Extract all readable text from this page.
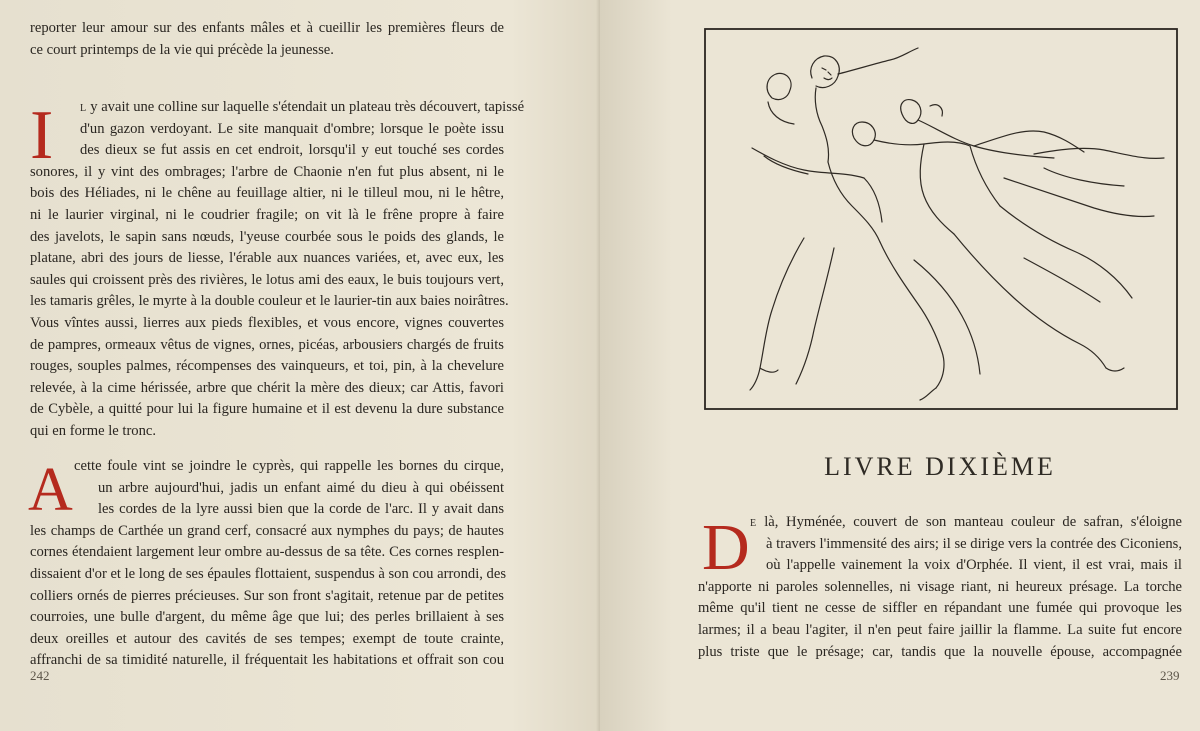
reporter leur amour sur des enfants mâles et à cueillir les premières fleurs de
ce court printemps de la vie qui précède la jeunesse.
I	l y avait une colline sur laquelle s'étendait un plateau très découvert, tapissé
d'un gazon verdoyant. Le site manquait d'ombre; lorsque le poète issu
des dieux se fut assis en cet endroit, lorsqu'il y eut touché ses cordes
sonores, il y vint des ombrages; l'arbre de Chaonie n'en fut plus absent, ni le
bois des Héliades, ni le chêne au feuillage altier, ni le tilleul mou, ni le hêtre,
ni le laurier virginal, ni le coudrier fragile; on vit là le frêne propre à faire
des javelots, le sapin sans nœuds, l'yeuse courbée sous le poids des glands, le
platane, abri des jours de liesse, l'érable aux nuances variées, et, avec eux, les
saules qui croissent près des rivières, le lotus ami des eaux, le buis toujours vert,
les tamaris grêles, le myrte à la double couleur et le laurier-tin aux baies noirâtres.
Vous vîntes aussi, lierres aux pieds flexibles, et vous encore, vignes couvertes
de pampres, ormeaux vêtus de vignes, ornes, picéas, arbousiers chargés de fruits
rouges, souples palmes, récompenses des vainqueurs, et toi, pin, à la chevelure
relevée, à la cime hérissée, arbre que chérit la mère des dieux; car Attis, favori
de Cybèle, a quitté pour lui la figure humaine et il est devenu la dure substance
qui en forme le tronc.
A cette foule vint se joindre le cyprès, qui rappelle les bornes du cirque,
un arbre aujourd'hui, jadis un enfant aimé du dieu à qui obéissent
les cordes de la lyre aussi bien que la corde de l'arc. Il y avait dans
les champs de Carthée un grand cerf, consacré aux nymphes du pays; de hautes
cornes étendaient largement leur ombre au-dessus de sa tête. Ces cornes resplen-
dissaient d'or et le long de ses épaules flottaient, suspendus à son cou arrondi, des
colliers ornés de pierres précieuses. Sur son front s'agitait, retenue par de petites
courroies, une bulle d'argent, du même âge que lui; des perles brillaient à ses
deux oreilles et autour des cavités de ses tempes; exempt de toute crainte,
affranchi de sa timidité naturelle, il fréquentait les habitations et offrait son cou
242
LIVRE DIXIÈME
D e là, Hyménée, couvert de son manteau couleur de safran, s'éloigne
à travers l'immensité des airs; il se dirige vers la contrée des Ciconiens,
où l'appelle vainement la voix d'Orphée. Il vient, il est vrai, mais il
n'apporte ni paroles solennelles, ni visage riant, ni heureux présage. La torche
même qu'il tient ne cesse de siffler en répandant une fumée qui provoque les
larmes; il a beau l'agiter, il n'en peut faire jaillir la flamme. La suite fut encore
plus triste que le présage; car, tandis que la nouvelle épouse, accompagnée
239
